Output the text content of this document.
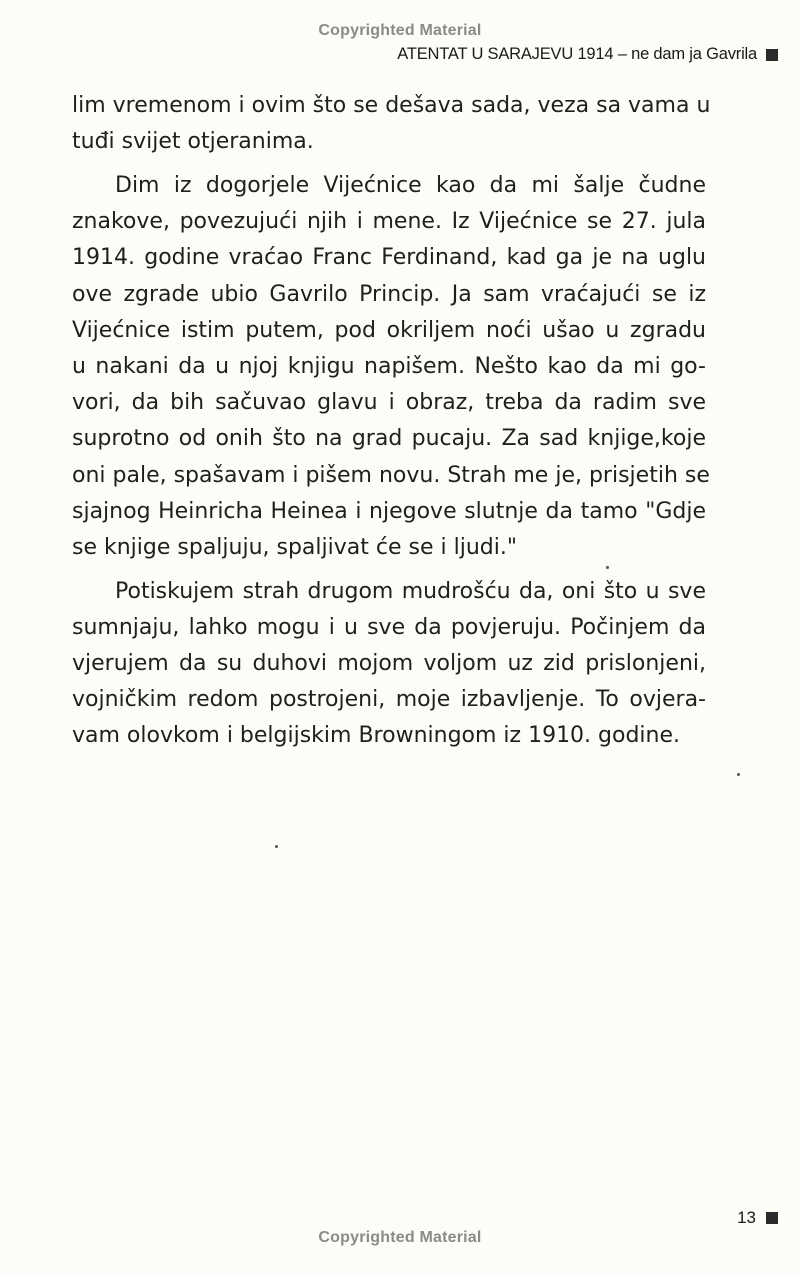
Copyrighted Material
ATENTAT U SARAJEVU 1914 – ne dam ja Gavrila

lim vremenom i ovim što se dešava sada, veza sa vama u
tuđi svijet otjeranima.

Dim iz dogorjele Vijećnice kao da mi šalje čudne
znakove, povezujući njih i mene. Iz Vijećnice se 27. jula
1914. godine vraćao Franc Ferdinand, kad ga je na uglu
ove zgrade ubio Gavrilo Princip. Ja sam vraćajući se iz
Vijećnice istim putem, pod okriljem noći ušao u zgradu
u nakani da u njoj knjigu napišem. Nešto kao da mi go-
vori, da bih sačuvao glavu i obraz, treba da radim sve
suprotno od onih što na grad pucaju. Za sad knjige,koje
oni pale, spašavam i pišem novu. Strah me je, prisjetih se
sjajnog Heinricha Heinea i njegove slutnje da tamo "Gdje
se knjige spaljuju, spaljivat će se i ljudi."

Potiskujem strah drugom mudrošću da, oni što u sve
sumnjaju, lahko mogu i u sve da povjeruju. Počinjem da
vjerujem da su duhovi mojom voljom uz zid prislonjeni,
vojničkim redom postrojeni, moje izbavljenje. To ovjera-
vam olovkom i belgijskim Browningom iz 1910. godine.

13
Copyrighted Material
